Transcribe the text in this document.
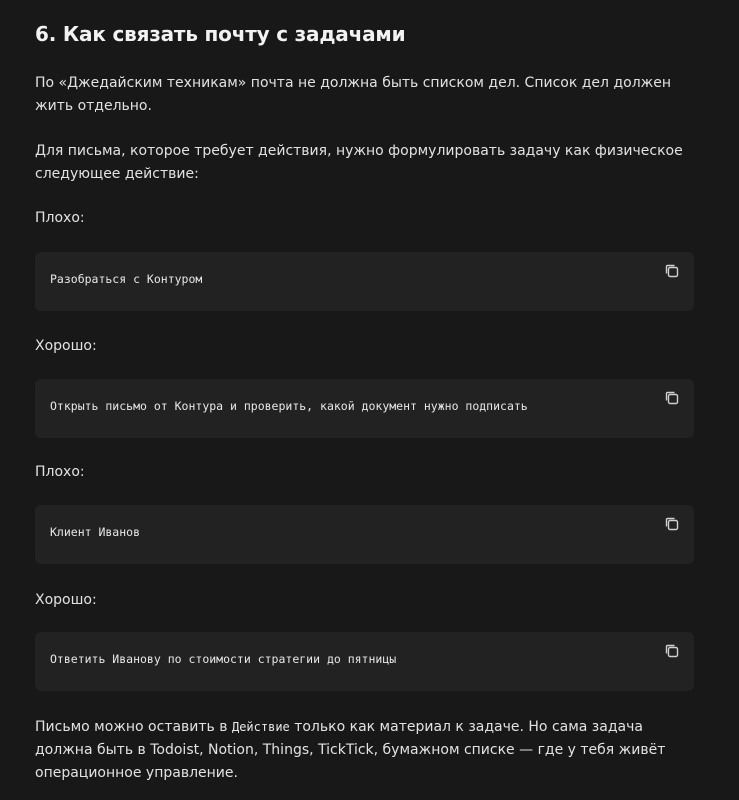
6. Как связать почту с задачами

По «Джедайским техникам» почта не должна быть списком дел. Список дел должен жить отдельно.

Для письма, которое требует действия, нужно формулировать задачу как физическое следующее действие:

Плохо:
Разобраться с Контуром
Хорошо:
Открыть письмо от Контура и проверить, какой документ нужно подписать
Плохо:
Клиент Иванов
Хорошо:
Ответить Иванову по стоимости стратегии до пятницы

Письмо можно оставить в Действие только как материал к задаче. Но сама задача должна быть в Todoist, Notion, Things, TickTick, бумажном списке — где у тебя живёт операционное управление.
